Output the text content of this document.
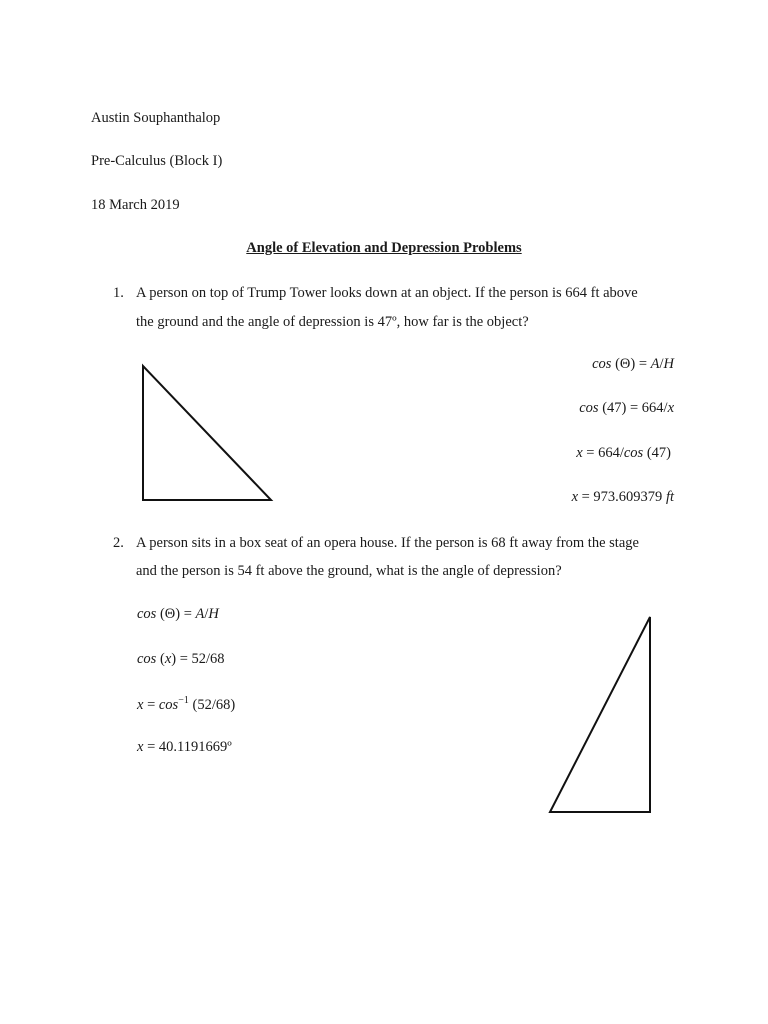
Austin Souphanthalop
Pre-Calculus (Block I)
18 March 2019
Angle of Elevation and Depression Problems
1. A person on top of Trump Tower looks down at an object. If the person is 664 ft above
the ground and the angle of depression is 47º, how far is the object?
cos (Θ) = A/H
cos (47) = 664/x
x = 664/cos (47)
x = 973.609379 ft
2. A person sits in a box seat of an opera house. If the person is 68 ft away from the stage
and the person is 54 ft above the ground, what is the angle of depression?
cos (Θ) = A/H
cos (x) = 52/68
$x = \cos^{-1} (52/68)$
x = 40.1191669º
